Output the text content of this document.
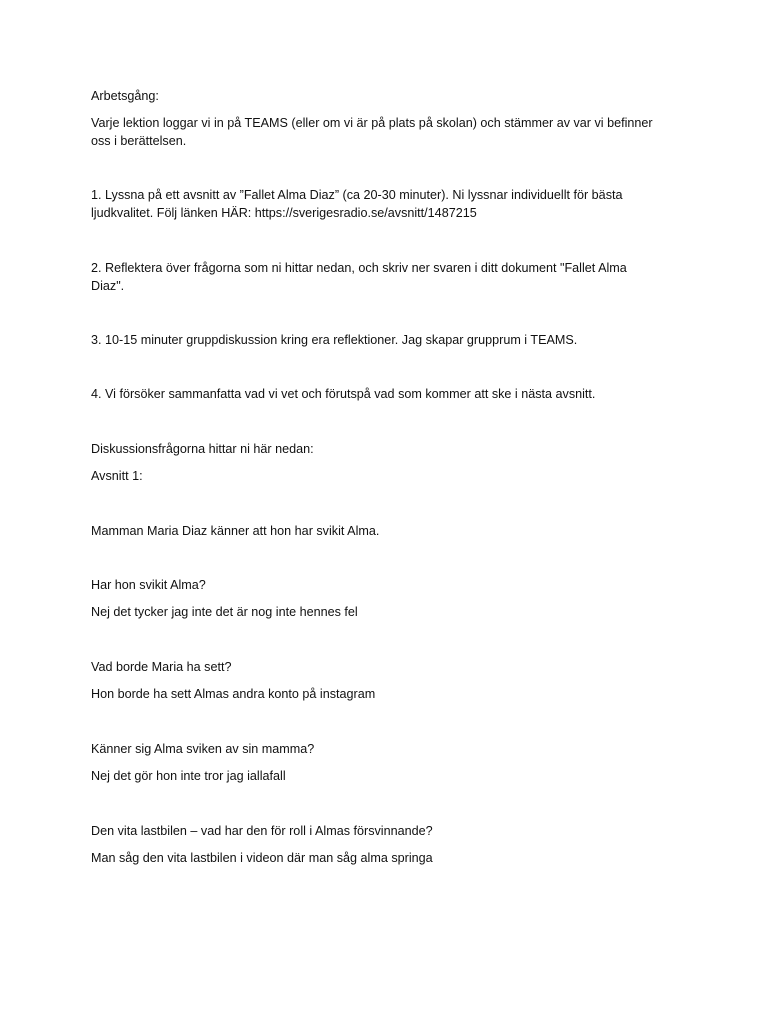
Arbetsgång:
Varje lektion loggar vi in på TEAMS (eller om vi är på plats på skolan) och stämmer av var vi befinner
oss i berättelsen.
1. Lyssna på ett avsnitt av ”Fallet Alma Diaz” (ca 20-30 minuter). Ni lyssnar individuellt för bästa
ljudkvalitet. Följ länken HÄR: https://sverigesradio.se/avsnitt/1487215
2. Reflektera över frågorna som ni hittar nedan, och skriv ner svaren i ditt dokument "Fallet Alma
Diaz".
3. 10-15 minuter gruppdiskussion kring era reflektioner. Jag skapar grupprum i TEAMS.
4. Vi försöker sammanfatta vad vi vet och förutspå vad som kommer att ske i nästa avsnitt.
Diskussionsfrågorna hittar ni här nedan:
Avsnitt 1:
Mamman Maria Diaz känner att hon har svikit Alma.
Har hon svikit Alma?
Nej det tycker jag inte det är nog inte hennes fel
Vad borde Maria ha sett?
Hon borde ha sett Almas andra konto på instagram
Känner sig Alma sviken av sin mamma?
Nej det gör hon inte tror jag iallafall
Den vita lastbilen – vad har den för roll i Almas försvinnande?
Man såg den vita lastbilen i videon där man såg alma springa
